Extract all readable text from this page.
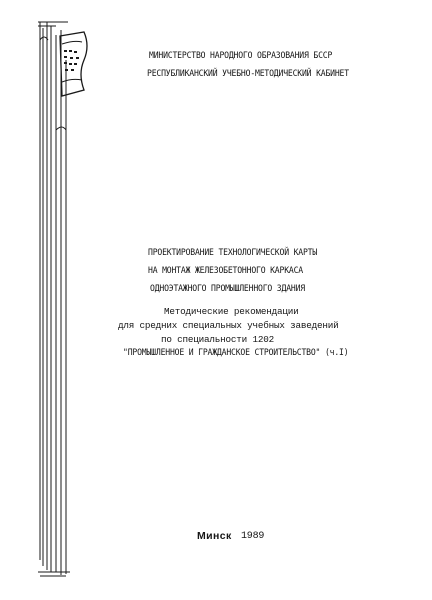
МИНИСТЕРСТВО НАРОДНОГО ОБРАЗОВАНИЯ БССР
РЕСПУБЛИКАНСКИЙ УЧЕБНО-МЕТОДИЧЕСКИЙ КАБИНЕТ
ПРОЕКТИРОВАНИЕ ТЕХНОЛОГИЧЕСКОЙ КАРТЫ
НА МОНТАЖ ЖЕЛЕЗОБЕТОННОГО КАРКАСА
ОДНОЭТАЖНОГО ПРОМЫШЛЕННОГО ЗДАНИЯ
Методические рекомендации
для средних специальных учебных заведений
по специальности 1202
"ПРОМЫШЛЕННОЕ И ГРАЖДАНСКОЕ СТРОИТЕЛЬСТВО" (ч.I)
Минск 1989
